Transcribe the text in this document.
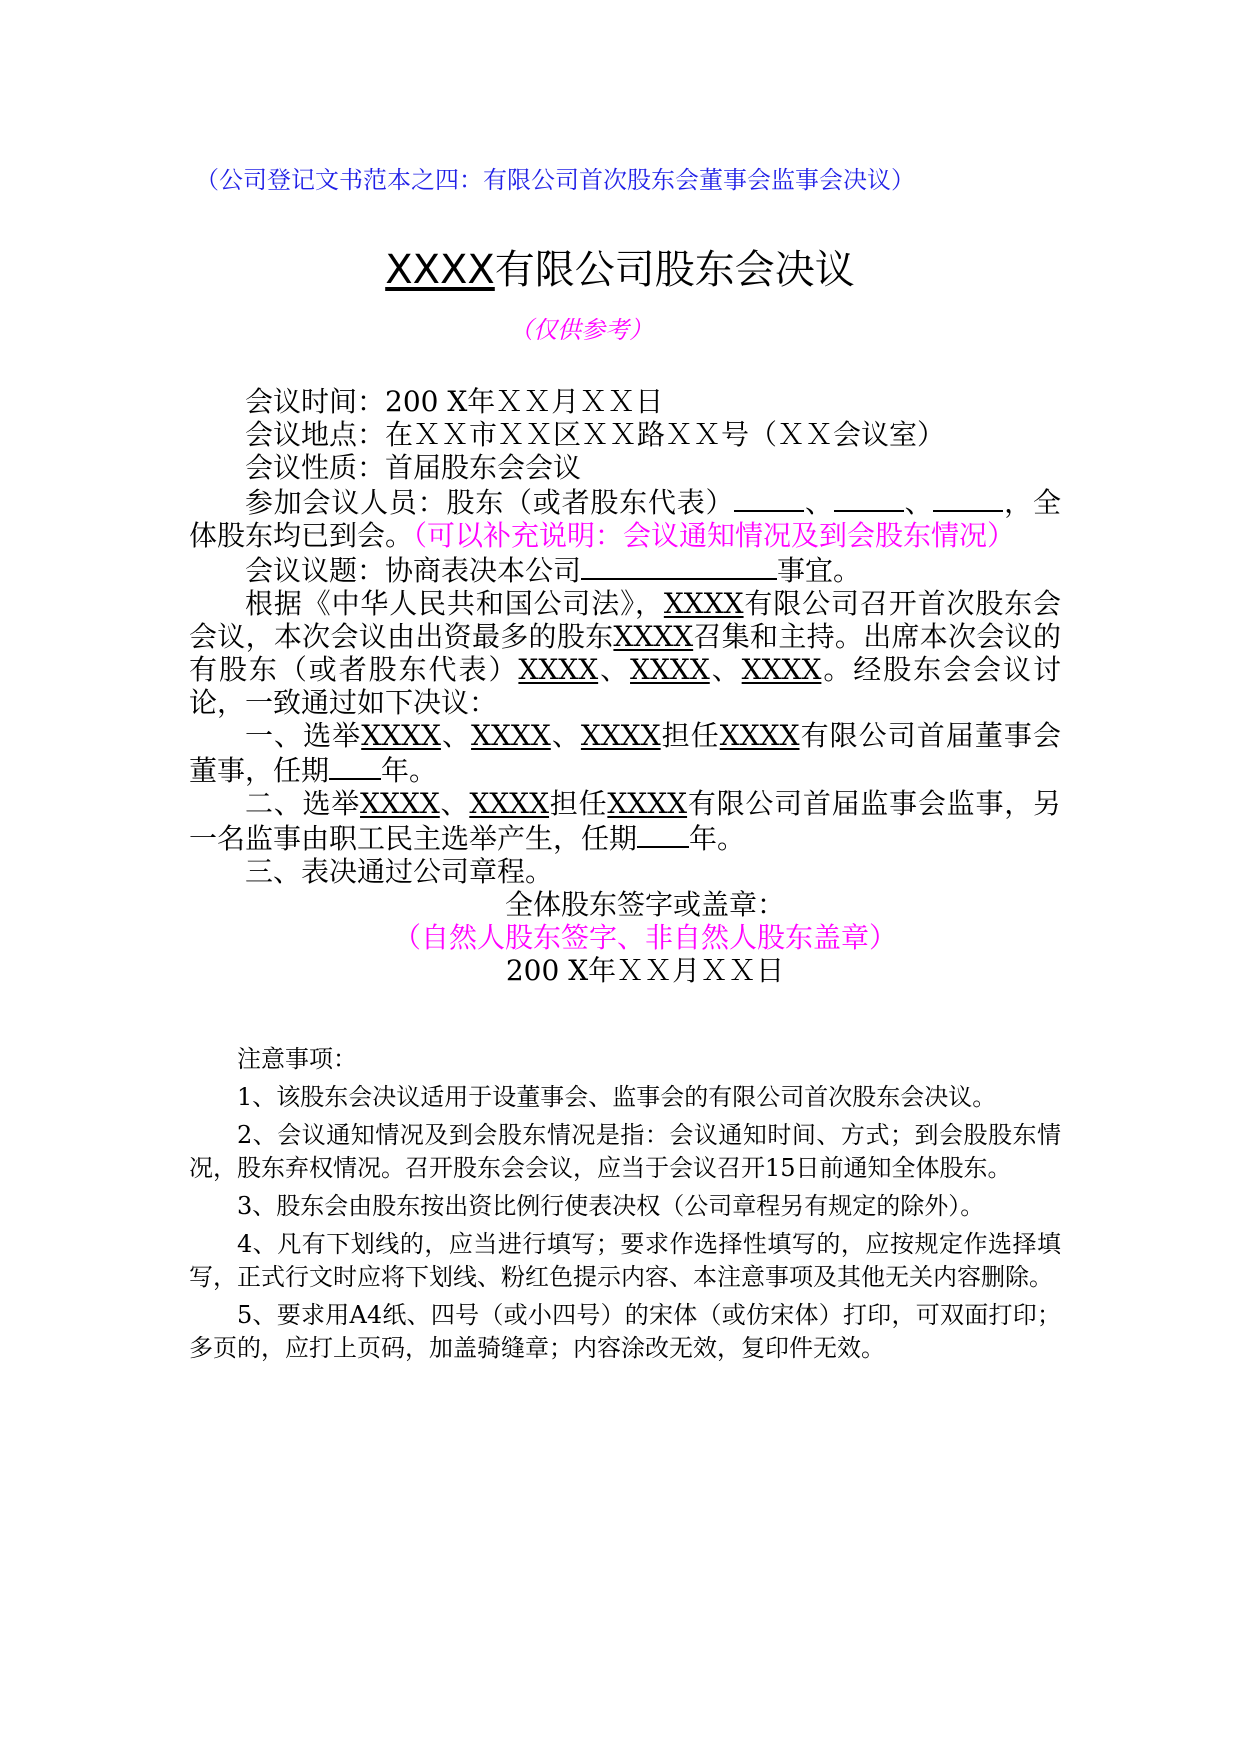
（公司登记文书范本之四：有限公司首次股东会董事会监事会决议）
XXXX有限公司股东会决议
（仅供参考）

会议时间：200 X年ＸＸ月ＸＸ日

会议地点：在ＸＸ市ＸＸ区ＸＸ路ＸＸ号（ＸＸ会议室）

会议性质：首届股东会会议

参加会议人员：股东（或者股东代表）	、	、	，全体股东均已到会。（可以补充说明：会议通知情况及到会股东情况）

会议议题：协商表决本公司	事宜。

根据《中华人民共和国公司法》，XXXX有限公司召开首次股东会会议，本次会议由出资最多的股东XXXX召集和主持。出席本次会议的有股东（或者股东代表）XXXX、XXXX、XXXX。经股东会会议讨论，一致通过如下决议：

一、选举XXXX、XXXX、XXXX担任XXXX有限公司首届董事会董事，任期 年。

二、选举XXXX、XXXX担任XXXX有限公司首届监事会监事，另一名监事由职工民主选举产生，任期 年。

三、表决通过公司章程。

全体股东签字或盖章：

（自然人股东签字、非自然人股东盖章）

200 X年ＸＸ月ＸＸ日

注意事项：

1、该股东会决议适用于设董事会、监事会的有限公司首次股东会决议。

2、会议通知情况及到会股东情况是指：会议通知时间、方式；到会股股东情况，股东弃权情况。召开股东会会议，应当于会议召开15日前通知全体股东。

3、股东会由股东按出资比例行使表决权（公司章程另有规定的除外）。

4、凡有下划线的，应当进行填写；要求作选择性填写的，应按规定作选择填写，正式行文时应将下划线、粉红色提示内容、本注意事项及其他无关内容删除。

5、要求用A4纸、四号（或小四号）的宋体（或仿宋体）打印，可双面打印；多页的，应打上页码，加盖骑缝章；内容涂改无效，复印件无效。
